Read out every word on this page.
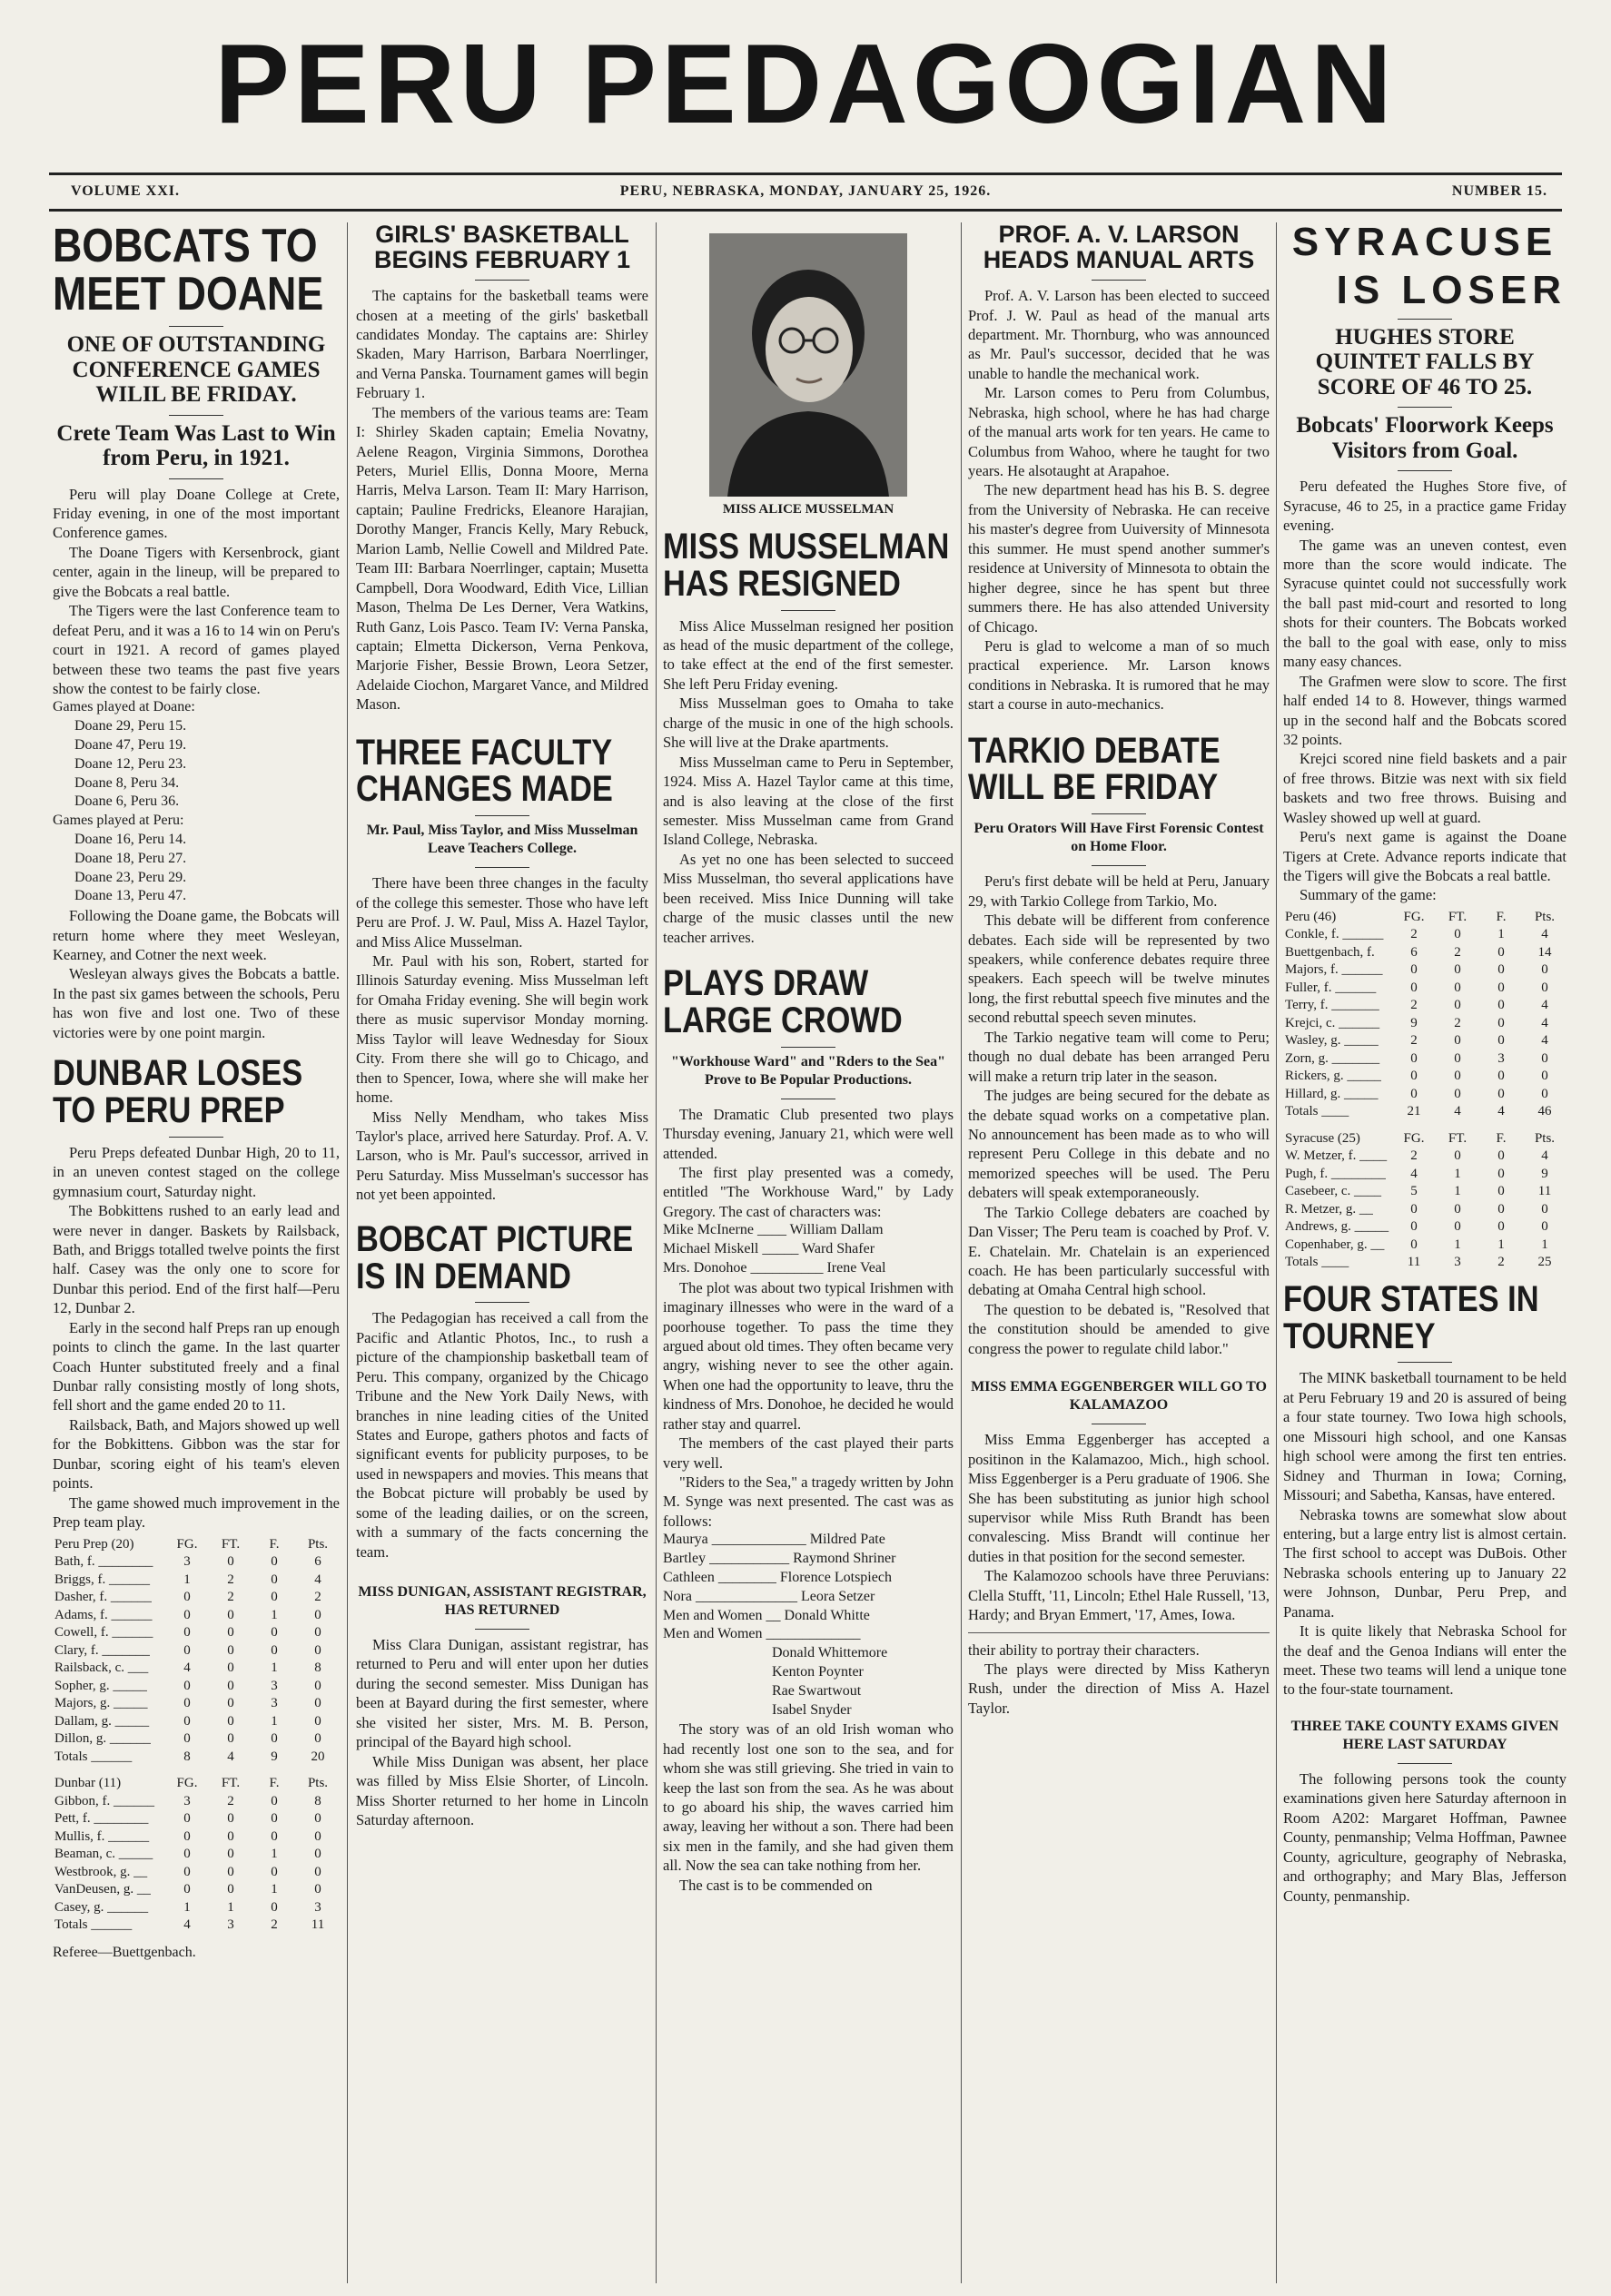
PERU PEDAGOGIAN
VOLUME XXI.	PERU, NEBRASKA, MONDAY, JANUARY 25, 1926.	NUMBER 15.
BOBCATS TO MEET DOANE
ONE OF OUTSTANDING CONFERENCE GAMES WILIL BE FRIDAY.
Crete Team Was Last to Win from Peru, in 1921.

Peru will play Doane College at Crete, Friday evening, in one of the most important Conference games.

The Doane Tigers with Kersenbrock, giant center, again in the lineup, will be prepared to give the Bobcats a real battle.

The Tigers were the last Conference team to defeat Peru, and it was a 16 to 14 win on Peru's court in 1921. A record of games played between these two teams the past five years show the contest to be fairly close.

Games played at Doane:
Doane 29, Peru 15.
Doane 47, Peru 19.
Doane 12, Peru 23.
Doane 8, Peru 34.
Doane 6, Peru 36.
Games played at Peru:
Doane 16, Peru 14.
Doane 18, Peru 27.
Doane 23, Peru 29.
Doane 13, Peru 47.

Following the Doane game, the Bobcats will return home where they meet Wesleyan, Kearney, and Cotner the next week.

Wesleyan always gives the Bobcats a battle. In the past six games between the schools, Peru has won five and lost one. Two of these victories were by one point margin.

DUNBAR LOSES TO PERU PREP

Peru Preps defeated Dunbar High, 20 to 11, in an uneven contest staged on the college gymnasium court, Saturday night.

The Bobkittens rushed to an early lead and were never in danger. Baskets by Railsback, Bath, and Briggs totalled twelve points the first half. Casey was the only one to score for Dunbar this period. End of the first half—Peru 12, Dunbar 2.

Early in the second half Preps ran up enough points to clinch the game. In the last quarter Coach Hunter substituted freely and a final Dunbar rally consisting mostly of long shots, fell short and the game ended 20 to 11.

Railsback, Bath, and Majors showed up well for the Bobkittens. Gibbon was the star for Dunbar, scoring eight of his team's eleven points.

The game showed much improvement in the Prep team play.

Peru Prep (20)	FG.	FT.	F.	Pts.
Bath, f. ________	3	0	0	6
Briggs, f. ______	1	2	0	4
Dasher, f. ______	0	2	0	2
Adams, f. ______	0	0	1	0
Cowell, f. ______	0	0	0	0
Clary, f. _______	0	0	0	0
Railsback, c. ___	4	0	1	8
Sopher, g. _____	0	0	3	0
Majors, g. _____	0	0	3	0
Dallam, g. _____	0	0	1	0
Dillon, g. ______	0	0	0	0
Totals ______	8	4	9	20
Dunbar (11)	FG.	FT.	F.	Pts.
Gibbon, f. ______	3	2	0	8
Pett, f. ________	0	0	0	0
Mullis, f. ______	0	0	0	0
Beaman, c. _____	0	0	1	0
Westbrook, g. __	0	0	0	0
VanDeusen, g. __	0	0	1	0
Casey, g. ______	1	1	0	3
Totals ______	4	3	2	11
Referee—Buettgenbach.
GIRLS' BASKETBALL BEGINS FEBRUARY 1

The captains for the basketball teams were chosen at a meeting of the girls' basketball candidates Monday. The captains are: Shirley Skaden, Mary Harrison, Barbara Noerrlinger, and Verna Panska. Tournament games will begin February 1.

The members of the various teams are: Team I: Shirley Skaden captain; Emelia Novatny, Aelene Reagon, Virginia Simmons, Dorothea Peters, Muriel Ellis, Donna Moore, Merna Harris, Melva Larson. Team II: Mary Harrison, captain; Pauline Fredricks, Eleanore Harajian, Dorothy Manger, Francis Kelly, Mary Rebuck, Marion Lamb, Nellie Cowell and Mildred Pate. Team III: Barbara Noerrlinger, captain; Musetta Campbell, Dora Woodward, Edith Vice, Lillian Mason, Thelma De Les Derner, Vera Watkins, Ruth Ganz, Lois Pasco. Team IV: Verna Panska, captain; Elmetta Dickerson, Verna Penkova, Marjorie Fisher, Bessie Brown, Leora Setzer, Adelaide Ciochon, Margaret Vance, and Mildred Mason.

THREE FACULTY CHANGES MADE
Mr. Paul, Miss Taylor, and Miss Musselman Leave Teachers College.

There have been three changes in the faculty of the college this semester. Those who have left Peru are Prof. J. W. Paul, Miss A. Hazel Taylor, and Miss Alice Musselman.

Mr. Paul with his son, Robert, started for Illinois Saturday evening. Miss Musselman left for Omaha Friday evening. She will begin work there as music supervisor Monday morning. Miss Taylor will leave Wednesday for Sioux City. From there she will go to Chicago, and then to Spencer, Iowa, where she will make her home.

Miss Nelly Mendham, who takes Miss Taylor's place, arrived here Saturday. Prof. A. V. Larson, who is Mr. Paul's successor, arrived in Peru Saturday. Miss Musselman's successor has not yet been appointed.

BOBCAT PICTURE IS IN DEMAND

The Pedagogian has received a call from the Pacific and Atlantic Photos, Inc., to rush a picture of the championship basketball team of Peru. This company, organized by the Chicago Tribune and the New York Daily News, with branches in nine leading cities of the United States and Europe, gathers photos and facts of significant events for publicity purposes, to be used in newspapers and movies. This means that the Bobcat picture will probably be used by some of the leading dailies, or on the screen, with a summary of the facts concerning the team.

MISS DUNIGAN, ASSISTANT REGISTRAR, HAS RETURNED

Miss Clara Dunigan, assistant registrar, has returned to Peru and will enter upon her duties during the second semester. Miss Dunigan has been at Bayard during the first semester, where she visited her sister, Mrs. M. B. Person, principal of the Bayard high school.

While Miss Dunigan was absent, her place was filled by Miss Elsie Shorter, of Lincoln. Miss Shorter returned to her home in Lincoln Saturday afternoon.

MISS ALICE MUSSELMAN
MISS MUSSELMAN HAS RESIGNED

Miss Alice Musselman resigned her position as head of the music department of the college, to take effect at the end of the first semester. She left Peru Friday evening.

Miss Musselman goes to Omaha to take charge of the music in one of the high schools. She will live at the Drake apartments.

Miss Musselman came to Peru in September, 1924. Miss A. Hazel Taylor came at this time, and is also leaving at the close of the first semester. Miss Musselman came from Grand Island College, Nebraska.

As yet no one has been selected to succeed Miss Musselman, tho several applications have been received. Miss Inice Dunning will take charge of the music classes until the new teacher arrives.

PLAYS DRAW LARGE CROWD
"Workhouse Ward" and "Rders to the Sea" Prove to Be Popular Productions.

The Dramatic Club presented two plays Thursday evening, January 21, which were well attended.

The first play presented was a comedy, entitled "The Workhouse Ward," by Lady Gregory. The cast of characters was:

Mike McInerne ____ William Dallam
Michael Miskell _____ Ward Shafer
Mrs. Donohoe __________ Irene Veal

The plot was about two typical Irishmen with imaginary illnesses who were in the ward of a poorhouse together. To pass the time they argued about old times. They often became very angry, wishing never to see the other again. When one had the opportunity to leave, thru the kindness of Mrs. Donohoe, he decided he would rather stay and quarrel.

The members of the cast played their parts very well.

"Riders to the Sea," a tragedy written by John M. Synge was next presented. The cast was as follows:

Maurya _____________ Mildred Pate
Bartley ___________ Raymond Shriner
Cathleen ________ Florence Lotspiech
Nora ______________ Leora Setzer
Men and Women __ Donald Whitte
Men and Women _____________
Donald Whittemore
Kenton Poynter
Rae Swartwout
Isabel Snyder

The story was of an old Irish woman who had recently lost one son to the sea, and for whom she was still grieving. She tried in vain to keep the last son from the sea. As he was about to go aboard his ship, the waves carried him away, leaving her without a son. There had been six men in the family, and she had given them all. Now the sea can take nothing from her.

The cast is to be commended on

PROF. A. V. LARSON HEADS MANUAL ARTS

Prof. A. V. Larson has been elected to succeed Prof. J. W. Paul as head of the manual arts department. Mr. Thornburg, who was announced as Mr. Paul's successor, decided that he was unable to handle the mechanical work.

Mr. Larson comes to Peru from Columbus, Nebraska, high school, where he has had charge of the manual arts work for ten years. He came to Columbus from Wahoo, where he taught for two years. He alsotaught at Arapahoe.

The new department head has his B. S. degree from the University of Nebraska. He can receive his master's degree from Uuiversity of Minnesota this summer. He must spend another summer's residence at University of Minnesota to obtain the higher degree, since he has spent but three summers there. He has also attended University of Chicago.

Peru is glad to welcome a man of so much practical experience. Mr. Larson knows conditions in Nebraska. It is rumored that he may start a course in auto-mechanics.

TARKIO DEBATE WILL BE FRIDAY
Peru Orators Will Have First Forensic Contest on Home Floor.

Peru's first debate will be held at Peru, January 29, with Tarkio College from Tarkio, Mo.

This debate will be different from conference debates. Each side will be represented by two speakers, while conference debates require three speakers. Each speech will be twelve minutes long, the first rebuttal speech five minutes and the second rebuttal speech seven minutes.

The Tarkio negative team will come to Peru; though no dual debate has been arranged Peru will make a return trip later in the season.

The judges are being secured for the debate as the debate squad works on a competative plan. No announcement has been made as to who will represent Peru College in this debate and no memorized speeches will be used. The Peru debaters will speak extemporaneously.

The Tarkio College debaters are coached by Dan Visser; The Peru team is coached by Prof. V. E. Chatelain. Mr. Chatelain is an experienced coach. He has been particularly successful with debating at Omaha Central high school.

The question to be debated is, "Resolved that the constitution should be amended to give congress the power to regulate child labor."

MISS EMMA EGGENBERGER WILL GO TO KALAMAZOO

Miss Emma Eggenberger has accepted a positinon in the Kalamazoo, Mich., high school. Miss Eggenberger is a Peru graduate of 1906. She She has been substituting as junior high school supervisor while Miss Ruth Brandt has been convalescing. Miss Brandt will continue her duties in that position for the second semester.

The Kalamozoo schools have three Peruvians: Clella Stufft, '11, Lincoln; Ethel Hale Russell, '13, Hardy; and Bryan Emmert, '17, Ames, Iowa.

their ability to portray their characters.

The plays were directed by Miss Katheryn Rush, under the direction of Miss A. Hazel Taylor.

SYRACUSE
IS LOSER
HUGHES STORE QUINTET FALLS BY SCORE OF 46 TO 25.
Bobcats' Floorwork Keeps Visitors from Goal.

Peru defeated the Hughes Store five, of Syracuse, 46 to 25, in a practice game Friday evening.

The game was an uneven contest, even more than the score would indicate. The Syracuse quintet could not successfully work the ball past mid-court and resorted to long shots for their counters. The Bobcats worked the ball to the goal with ease, only to miss many easy chances.

The Grafmen were slow to score. The first half ended 14 to 8. However, things warmed up in the second half and the Bobcats scored 32 points.

Krejci scored nine field baskets and a pair of free throws. Bitzie was next with six field baskets and two free throws. Buising and Wasley showed up well at guard.

Peru's next game is against the Doane Tigers at Crete. Advance reports indicate that the Tigers will give the Bobcats a real battle.

Summary of the game:

Peru (46)	FG.	FT.	F.	Pts.
Conkle, f. ______	2	0	1	4
Buettgenbach, f.	6	2	0	14
Majors, f. ______	0	0	0	0
Fuller, f. ______	0	0	0	0
Terry, f. _______	2	0	0	4
Krejci, c. ______	9	2	0	4
Wasley, g. _____	2	0	0	4
Zorn, g. _______	0	0	3	0
Rickers, g. _____	0	0	0	0
Hillard, g. _____	0	0	0	0
Totals ____	21	4	4	46
Syracuse (25)	FG.	FT.	F.	Pts.
W. Metzer, f. ____	2	0	0	4
Pugh, f. ________	4	1	0	9
Casebeer, c. ____	5	1	0	11
R. Metzer, g. __	0	0	0	0
Andrews, g. _____	0	0	0	0
Copenhaber, g. __	0	1	1	1
Totals ____	11	3	2	25
FOUR STATES IN TOURNEY

The MINK basketball tournament to be held at Peru February 19 and 20 is assured of being a four state tourney. Two Iowa high schools, one Missouri high school, and one Kansas high school were among the first ten entries. Sidney and Thurman in Iowa; Corning, Missouri; and Sabetha, Kansas, have entered.

Nebraska towns are somewhat slow about entering, but a large entry list is almost certain. The first school to accept was DuBois. Other Nebraska schools entering up to January 22 were Johnson, Dunbar, Peru Prep, and Panama.

It is quite likely that Nebraska School for the deaf and the Genoa Indians will enter the meet. These two teams will lend a unique tone to the four-state tournament.

THREE TAKE COUNTY EXAMS GIVEN HERE LAST SATURDAY

The following persons took the county examinations given here Saturday afternoon in Room A202: Margaret Hoffman, Pawnee County, penmanship; Velma Hoffman, Pawnee County, agriculture, geography of Nebraska, and orthography; and Mary Blas, Jefferson County, penmanship.
